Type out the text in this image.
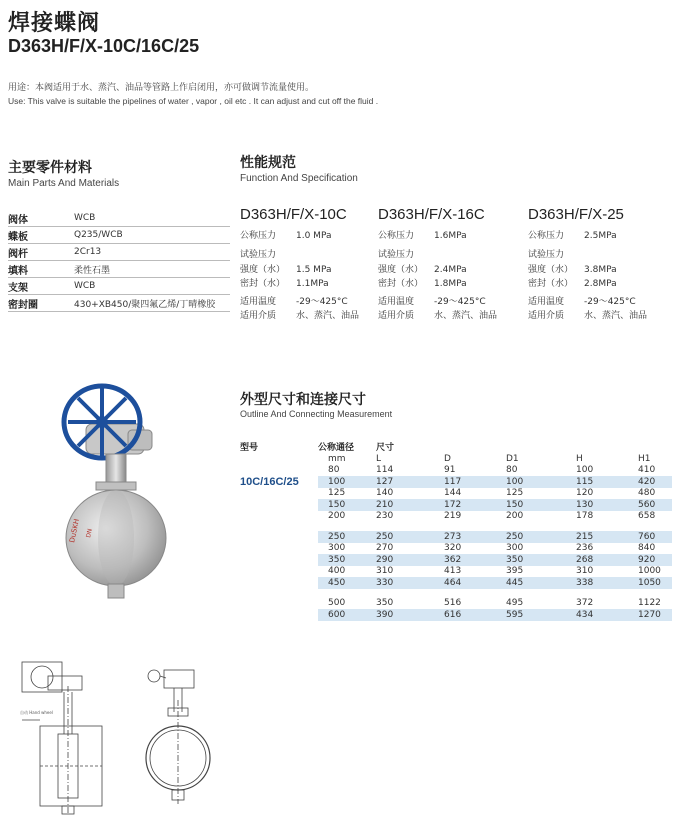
焊接蝶阀
D363H/F/X-10C/16C/25
用途：本阀适用于水、蒸汽、油品等管路上作启闭用，亦可做调节流量使用。
Use: This valve is suitable the pipelines of water , vapor , oil etc . It can adjust and cut off the fluid .
主要零件材料
Main Parts And Materials
阀体	WCB
蝶板	Q235/WCB
阀杆	2Cr13
填料	柔性石墨
支架	WCB
密封圈	430+XB450/聚四氟乙烯/丁晴橡胶
性能规范
Function And Specification
D363H/F/X-10C
公称压力 1.0 MPa
试验压力
强度（水） 1.5 MPa
密封（水） 1.1MPa
适用温度 -29～425°C
适用介质 水、蒸汽、油品
D363H/F/X-16C
公称压力 1.6MPa
试验压力
强度（水） 2.4MPa
密封（水） 1.8MPa
适用温度 -29～425°C
适用介质 水、蒸汽、油品
D363H/F/X-25
公称压力 2.5MPa
试验压力
强度（水） 3.8MPa
密封（水） 2.8MPa
适用温度 -29～425°C
适用介质 水、蒸汽、油品
DuSKH DN
外型尺寸和连接尺寸
Outline And Connecting Measurement
型号	公称通径	尺寸				
	mm	L	D	D1	H	H1
	80	114	91	80	100	410
	100	127	117	100	115	420
	125	140	144	125	120	480
	150	210	172	150	130	560
	200	230	219	200	178	658

	250	250	273	250	215	760
	300	270	320	300	236	840
	350	290	362	350	268	920
	400	310	413	395	310	1000
	450	330	464	445	338	1050

	500	350	516	495	372	1122
	600	390	616	595	434	1270
10C/16C/25
自动 Hand wheel
